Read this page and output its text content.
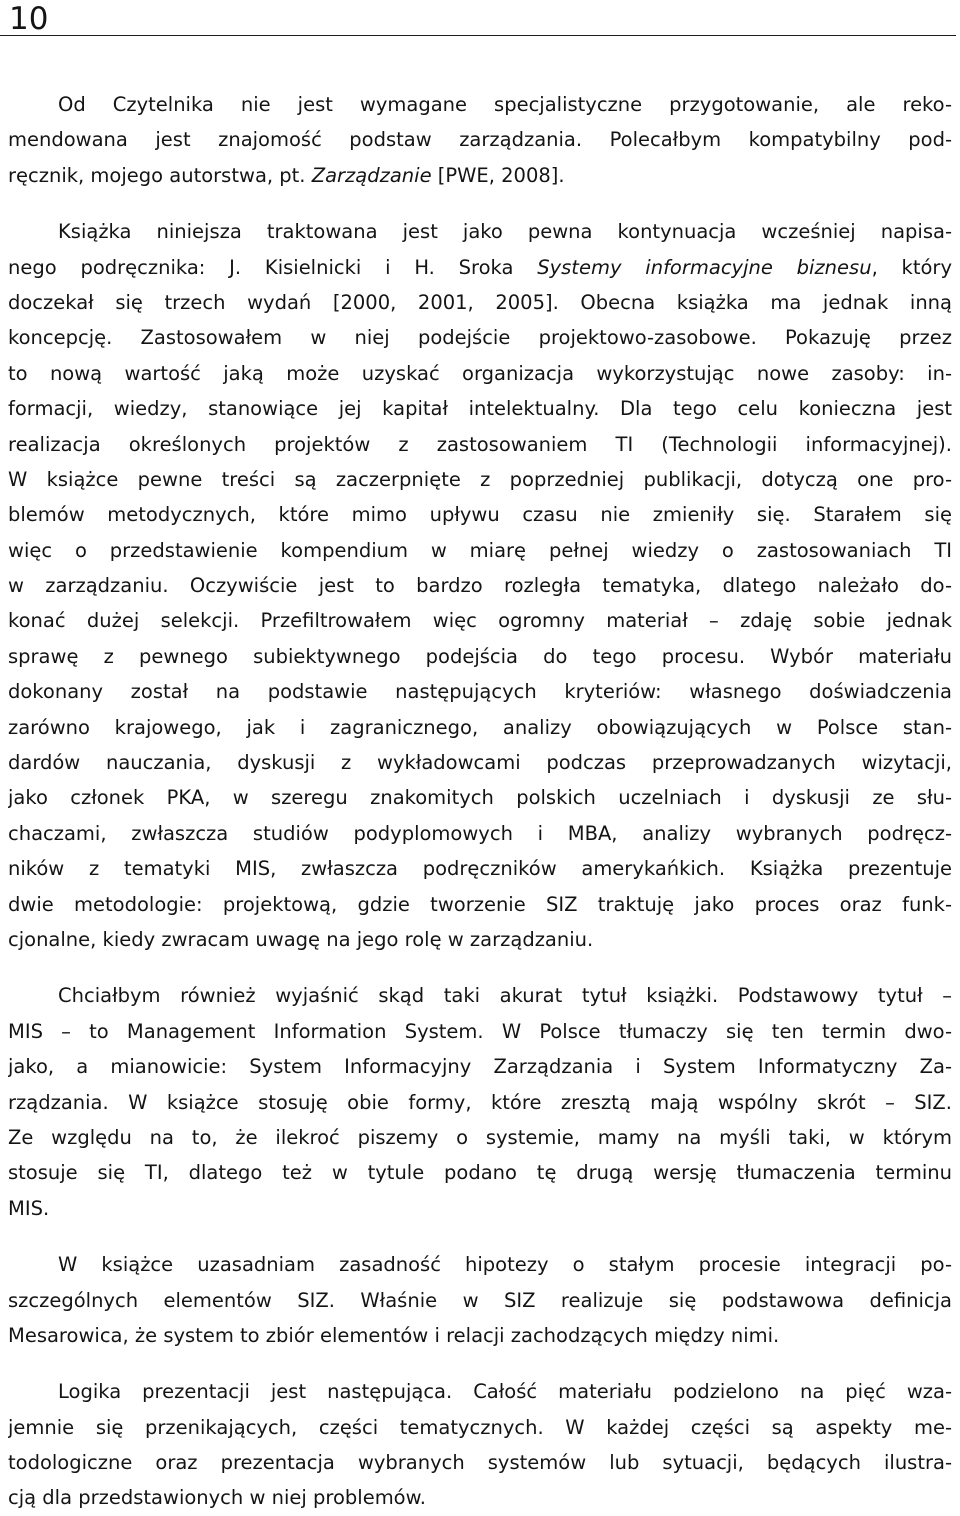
10
Od Czytelnika nie jest wymagane specjalistyczne przygotowanie, ale reko-
mendowana jest znajomość podstaw zarządzania. Polecałbym kompatybilny pod-
ręcznik, mojego autorstwa, pt. Zarządzanie [PWE, 2008].
Książka niniejsza traktowana jest jako pewna kontynuacja wcześniej napisa-
nego podręcznika: J. Kisielnicki i H. Sroka Systemy informacyjne biznesu, który
doczekał się trzech wydań [2000, 2001, 2005]. Obecna książka ma jednak inną
koncepcję. Zastosowałem w niej podejście projektowo-zasobowe. Pokazuję przez
to nową wartość jaką może uzyskać organizacja wykorzystując nowe zasoby: in-
formacji, wiedzy, stanowiące jej kapitał intelektualny. Dla tego celu konieczna jest
realizacja określonych projektów z zastosowaniem TI (Technologii informacyjnej).
W książce pewne treści są zaczerpnięte z poprzedniej publikacji, dotyczą one pro-
blemów metodycznych, które mimo upływu czasu nie zmieniły się. Starałem się
więc o przedstawienie kompendium w miarę pełnej wiedzy o zastosowaniach TI
w zarządzaniu. Oczywiście jest to bardzo rozległa tematyka, dlatego należało do-
konać dużej selekcji. Przefiltrowałem więc ogromny materiał – zdaję sobie jednak
sprawę z pewnego subiektywnego podejścia do tego procesu. Wybór materiału
dokonany został na podstawie następujących kryteriów: własnego doświadczenia
zarówno krajowego, jak i zagranicznego, analizy obowiązujących w Polsce stan-
dardów nauczania, dyskusji z wykładowcami podczas przeprowadzanych wizytacji,
jako członek PKA, w szeregu znakomitych polskich uczelniach i dyskusji ze słu-
chaczami, zwłaszcza studiów podyplomowych i MBA, analizy wybranych podręcz-
ników z tematyki MIS, zwłaszcza podręczników amerykańkich. Książka prezentuje
dwie metodologie: projektową, gdzie tworzenie SIZ traktuję jako proces oraz funk-
cjonalne, kiedy zwracam uwagę na jego rolę w zarządzaniu.
Chciałbym również wyjaśnić skąd taki akurat tytuł książki. Podstawowy tytuł –
MIS – to Management Information System. W Polsce tłumaczy się ten termin dwo-
jako, a mianowicie: System Informacyjny Zarządzania i System Informatyczny Za-
rządzania. W książce stosuję obie formy, które zresztą mają wspólny skrót – SIZ.
Ze względu na to, że ilekroć piszemy o systemie, mamy na myśli taki, w którym
stosuje się TI, dlatego też w tytule podano tę drugą wersję tłumaczenia terminu
MIS.
W książce uzasadniam zasadność hipotezy o stałym procesie integracji po-
szczególnych elementów SIZ. Właśnie w SIZ realizuje się podstawowa definicja
Mesarowica, że system to zbiór elementów i relacji zachodzących między nimi.
Logika prezentacji jest następująca. Całość materiału podzielono na pięć wza-
jemnie się przenikających, części tematycznych. W każdej części są aspekty me-
todologiczne oraz prezentacja wybranych systemów lub sytuacji, będących ilustra-
cją dla przedstawionych w niej problemów.
